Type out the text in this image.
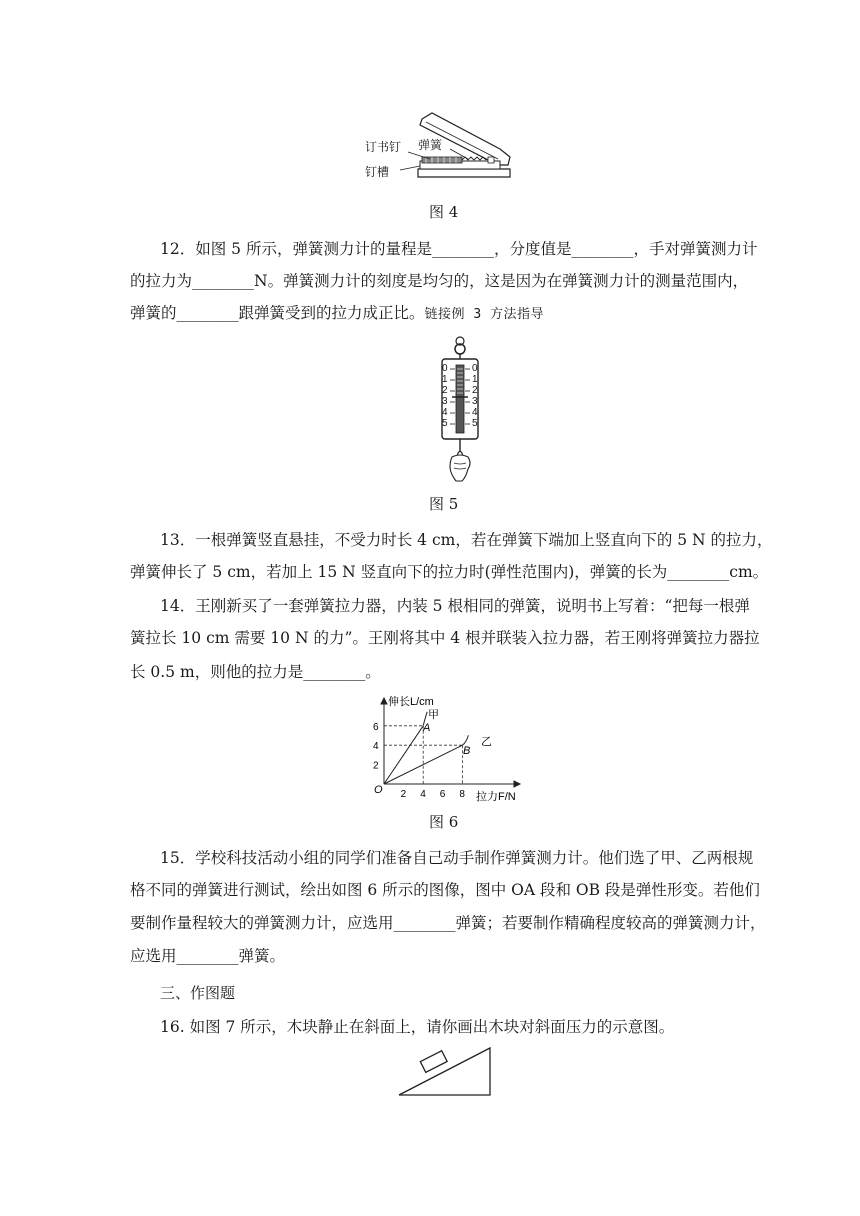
订书钉 弹簧
钉槽
图 4
12．如图 5 所示，弹簧测力计的量程是________，分度值是________，手对弹簧测力计
的拉力为________N。弹簧测力计的刻度是均匀的，这是因为在弹簧测力计的测量范围内，
弹簧的________跟弹簧受到的拉力成正比。链接例 3 方法指导
0
1
2
3
4
5
0
1
2
3
4
5
图 5
13．一根弹簧竖直悬挂，不受力时长 4 cm，若在弹簧下端加上竖直向下的 5 N 的拉力，
弹簧伸长了 5 cm，若加上 15 N 竖直向下的拉力时(弹性范围内)，弹簧的长为________cm。
14．王刚新买了一套弹簧拉力器，内装 5 根相同的弹簧，说明书上写着：“把每一根弹
簧拉长 10 cm 需要 10 N 的力”。王刚将其中 4 根并联装入拉力器，若王刚将弹簧拉力器拉
长 0.5 m，则他的拉力是________。
2 4 6 8
2
4
6
O
伸长L/cm
拉力F/N
甲
乙
A
B
图 6
15．学校科技活动小组的同学们准备自己动手制作弹簧测力计。他们选了甲、乙两根规
格不同的弹簧进行测试，绘出如图 6 所示的图像，图中 OA 段和 OB 段是弹性形变。若他们
要制作量程较大的弹簧测力计，应选用________弹簧；若要制作精确程度较高的弹簧测力计，
应选用________弹簧。
三、作图题
16. 如图 7 所示，木块静止在斜面上，请你画出木块对斜面压力的示意图。
